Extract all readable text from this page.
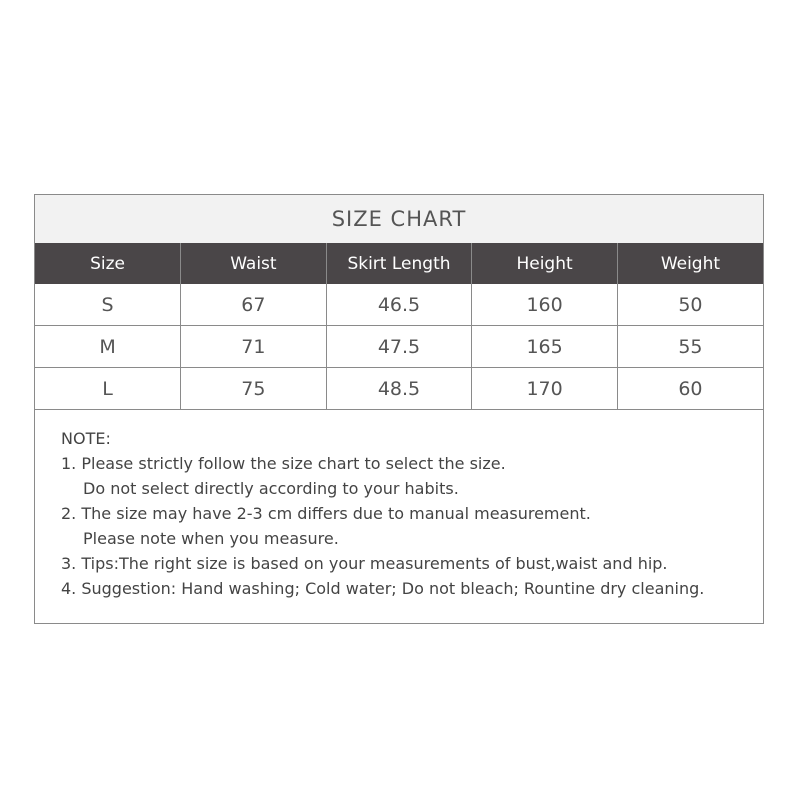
SIZE CHART
Size	Waist	Skirt Length	Height	Weight
S	67	46.5	160	50
M	71	47.5	165	55
L	75	48.5	170	60
NOTE:
1. Please strictly follow the size chart to select the size.
Do not select directly according to your habits.
2. The size may have 2-3 cm differs due to manual measurement.
Please note when you measure.
3. Tips:The right size is based on your measurements of bust,waist and hip.
4. Suggestion: Hand washing; Cold water; Do not bleach; Rountine dry cleaning.
